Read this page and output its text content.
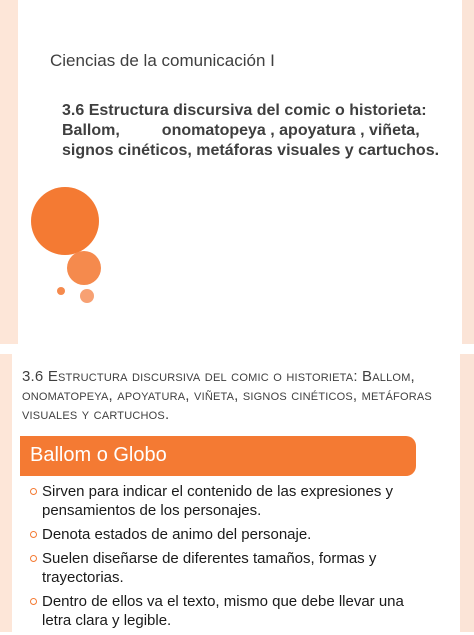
Ciencias de la comunicación I
3.6 Estructura discursiva del comic o historieta: Ballom,	onomatopeya , apoyatura , viñeta, signos cinéticos, metáforas visuales y cartuchos.
3.6 Estructura discursiva del comic o historieta: Ballom,onomatopeya, apoyatura, viñeta, signos cinéticos, metáforas visuales y cartuchos.
Ballom o Globo
Sirven para indicar el contenido de las expresiones y pensamientos de los personajes.
Denota estados de animo del personaje.
Suelen diseñarse de diferentes tamaños, formas y trayectorias.
Dentro de ellos va el texto, mismo que debe llevar una letra clara y legible.
